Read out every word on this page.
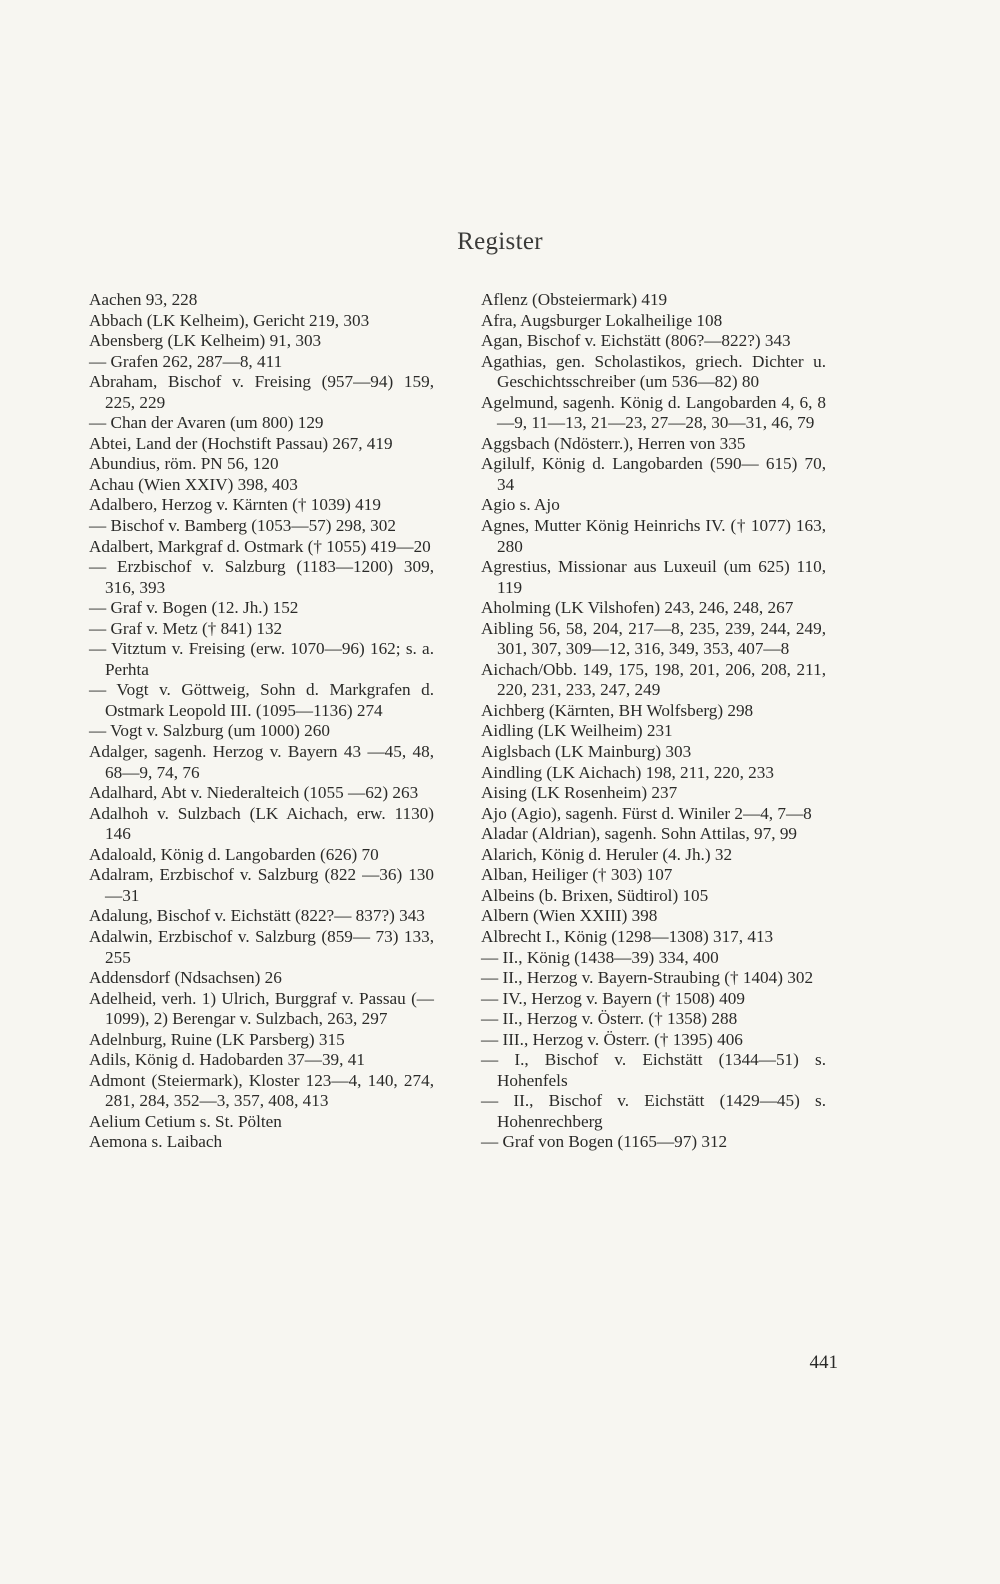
Register
Aachen 93, 228
Abbach (LK Kelheim), Gericht 219, 303
Abensberg (LK Kelheim) 91, 303
— Grafen 262, 287—8, 411
Abraham, Bischof v. Freising (957—94) 159, 225, 229
— Chan der Avaren (um 800) 129
Abtei, Land der (Hochstift Passau) 267, 419
Abundius, röm. PN 56, 120
Achau (Wien XXIV) 398, 403
Adalbero, Herzog v. Kärnten († 1039) 419
— Bischof v. Bamberg (1053—57) 298, 302
Adalbert, Markgraf d. Ostmark († 1055) 419—20
— Erzbischof v. Salzburg (1183—1200) 309, 316, 393
— Graf v. Bogen (12. Jh.) 152
— Graf v. Metz († 841) 132
— Vitztum v. Freising (erw. 1070—96) 162; s. a. Perhta
— Vogt v. Göttweig, Sohn d. Markgrafen d. Ostmark Leopold III. (1095—1136) 274
— Vogt v. Salzburg (um 1000) 260
Adalger, sagenh. Herzog v. Bayern 43 —45, 48, 68—9, 74, 76
Adalhard, Abt v. Niederalteich (1055 —62) 263
Adalhoh v. Sulzbach (LK Aichach, erw. 1130) 146
Adaloald, König d. Langobarden (626) 70
Adalram, Erzbischof v. Salzburg (822 —36) 130—31
Adalung, Bischof v. Eichstätt (822?— 837?) 343
Adalwin, Erzbischof v. Salzburg (859— 73) 133, 255
Addensdorf (Ndsachsen) 26
Adelheid, verh. 1) Ulrich, Burggraf v. Passau (—1099), 2) Berengar v. Sulzbach, 263, 297
Adelnburg, Ruine (LK Parsberg) 315
Adils, König d. Hadobarden 37—39, 41
Admont (Steiermark), Kloster 123—4, 140, 274, 281, 284, 352—3, 357, 408, 413
Aelium Cetium s. St. Pölten
Aemona s. Laibach
Aflenz (Obsteiermark) 419
Afra, Augsburger Lokalheilige 108
Agan, Bischof v. Eichstätt (806?—822?) 343
Agathias, gen. Scholastikos, griech. Dichter u. Geschichtsschreiber (um 536—82) 80
Agelmund, sagenh. König d. Langobarden 4, 6, 8—9, 11—13, 21—23, 27—28, 30—31, 46, 79
Aggsbach (Ndösterr.), Herren von 335
Agilulf, König d. Langobarden (590— 615) 70, 34
Agio s. Ajo
Agnes, Mutter König Heinrichs IV. († 1077) 163, 280
Agrestius, Missionar aus Luxeuil (um 625) 110, 119
Aholming (LK Vilshofen) 243, 246, 248, 267
Aibling 56, 58, 204, 217—8, 235, 239, 244, 249, 301, 307, 309—12, 316, 349, 353, 407—8
Aichach/Obb. 149, 175, 198, 201, 206, 208, 211, 220, 231, 233, 247, 249
Aichberg (Kärnten, BH Wolfsberg) 298
Aidling (LK Weilheim) 231
Aiglsbach (LK Mainburg) 303
Aindling (LK Aichach) 198, 211, 220, 233
Aising (LK Rosenheim) 237
Ajo (Agio), sagenh. Fürst d. Winiler 2—4, 7—8
Aladar (Aldrian), sagenh. Sohn Attilas, 97, 99
Alarich, König d. Heruler (4. Jh.) 32
Alban, Heiliger († 303) 107
Albeins (b. Brixen, Südtirol) 105
Albern (Wien XXIII) 398
Albrecht I., König (1298—1308) 317, 413
— II., König (1438—39) 334, 400
— II., Herzog v. Bayern-Straubing († 1404) 302
— IV., Herzog v. Bayern († 1508) 409
— II., Herzog v. Österr. († 1358) 288
— III., Herzog v. Österr. († 1395) 406
— I., Bischof v. Eichstätt (1344—51) s. Hohenfels
— II., Bischof v. Eichstätt (1429—45) s. Hohenrechberg
— Graf von Bogen (1165—97) 312
441
